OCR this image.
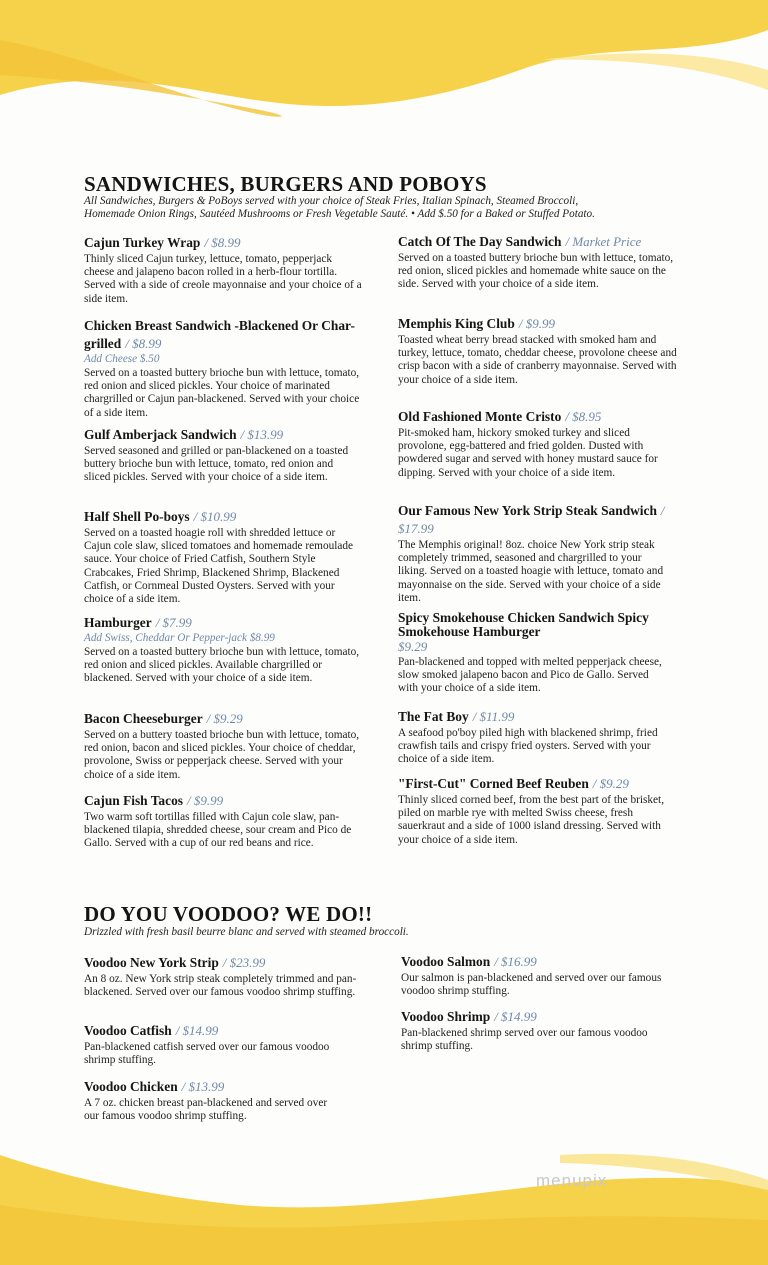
SANDWICHES, BURGERS AND POBOYS

All Sandwiches, Burgers & PoBoys served with your choice of Steak Fries, Italian Spinach, Steamed Broccoli,

Homemade Onion Rings, Sautéed Mushrooms or Fresh Vegetable Sauté. • Add $.50 for a Baked or Stuffed Potato.

Cajun Turkey Wrap / $8.99
Thinly sliced Cajun turkey, lettuce, tomato, pepperjack cheese and jalapeno bacon rolled in a herb-flour tortilla. Served with a side of creole mayonnaise and your choice of a side item.
Chicken Breast Sandwich -Blackened Or Char-grilled / $8.99
Add Cheese $.50
Served on a toasted buttery brioche bun with lettuce, tomato, red onion and sliced pickles. Your choice of marinated chargrilled or Cajun pan-blackened. Served with your choice of a side item.
Gulf Amberjack Sandwich / $13.99
Served seasoned and grilled or pan-blackened on a toasted buttery brioche bun with lettuce, tomato, red onion and sliced pickles. Served with your choice of a side item.
Half Shell Po-boys / $10.99
Served on a toasted hoagie roll with shredded lettuce or Cajun cole slaw, sliced tomatoes and homemade remoulade sauce. Your choice of Fried Catfish, Southern Style Crabcakes, Fried Shrimp, Blackened Shrimp, Blackened Catfish, or Cornmeal Dusted Oysters. Served with your choice of a side item.
Hamburger / $7.99
Add Swiss, Cheddar Or Pepper-jack $8.99
Served on a toasted buttery brioche bun with lettuce, tomato, red onion and sliced pickles. Available chargrilled or blackened. Served with your choice of a side item.
Bacon Cheeseburger / $9.29
Served on a buttery toasted brioche bun with lettuce, tomato, red onion, bacon and sliced pickles. Your choice of cheddar, provolone, Swiss or pepperjack cheese. Served with your choice of a side item.
Cajun Fish Tacos / $9.99
Two warm soft tortillas filled with Cajun cole slaw, pan-blackened tilapia, shredded cheese, sour cream and Pico de Gallo. Served with a cup of our red beans and rice.
Catch Of The Day Sandwich / Market Price
Served on a toasted buttery brioche bun with lettuce, tomato, red onion, sliced pickles and homemade white sauce on the side. Served with your choice of a side item.
Memphis King Club / $9.99
Toasted wheat berry bread stacked with smoked ham and turkey, lettuce, tomato, cheddar cheese, provolone cheese and crisp bacon with a side of cranberry mayonnaise. Served with your choice of a side item.
Old Fashioned Monte Cristo / $8.95
Pit-smoked ham, hickory smoked turkey and sliced provolone, egg-battered and fried golden. Dusted with powdered sugar and served with honey mustard sauce for dipping. Served with your choice of a side item.
Our Famous New York Strip Steak Sandwich / $17.99
The Memphis original! 8oz. choice New York strip steak completely trimmed, seasoned and chargrilled to your liking. Served on a toasted hoagie with lettuce, tomato and mayonnaise on the side. Served with your choice of a side item.
Spicy Smokehouse Chicken Sandwich Spicy Smokehouse Hamburger
$9.29
Pan-blackened and topped with melted pepperjack cheese, slow smoked jalapeno bacon and Pico de Gallo. Served with your choice of a side item.
The Fat Boy / $11.99
A seafood po'boy piled high with blackened shrimp, fried crawfish tails and crispy fried oysters. Served with your choice of a side item.
"First-Cut" Corned Beef Reuben / $9.29
Thinly sliced corned beef, from the best part of the brisket, piled on marble rye with melted Swiss cheese, fresh sauerkraut and a side of 1000 island dressing. Served with your choice of a side item.
DO YOU VOODOO? WE DO!!

Drizzled with fresh basil beurre blanc and served with steamed broccoli.

Voodoo New York Strip / $23.99
An 8 oz. New York strip steak completely trimmed and pan-blackened. Served over our famous voodoo shrimp stuffing.
Voodoo Catfish / $14.99
Pan-blackened catfish served over our famous voodoo shrimp stuffing.
Voodoo Chicken / $13.99
A 7 oz. chicken breast pan-blackened and served over our famous voodoo shrimp stuffing.
Voodoo Salmon / $16.99
Our salmon is pan-blackened and served over our famous voodoo shrimp stuffing.
Voodoo Shrimp / $14.99
Pan-blackened shrimp served over our famous voodoo shrimp stuffing.
menupix
